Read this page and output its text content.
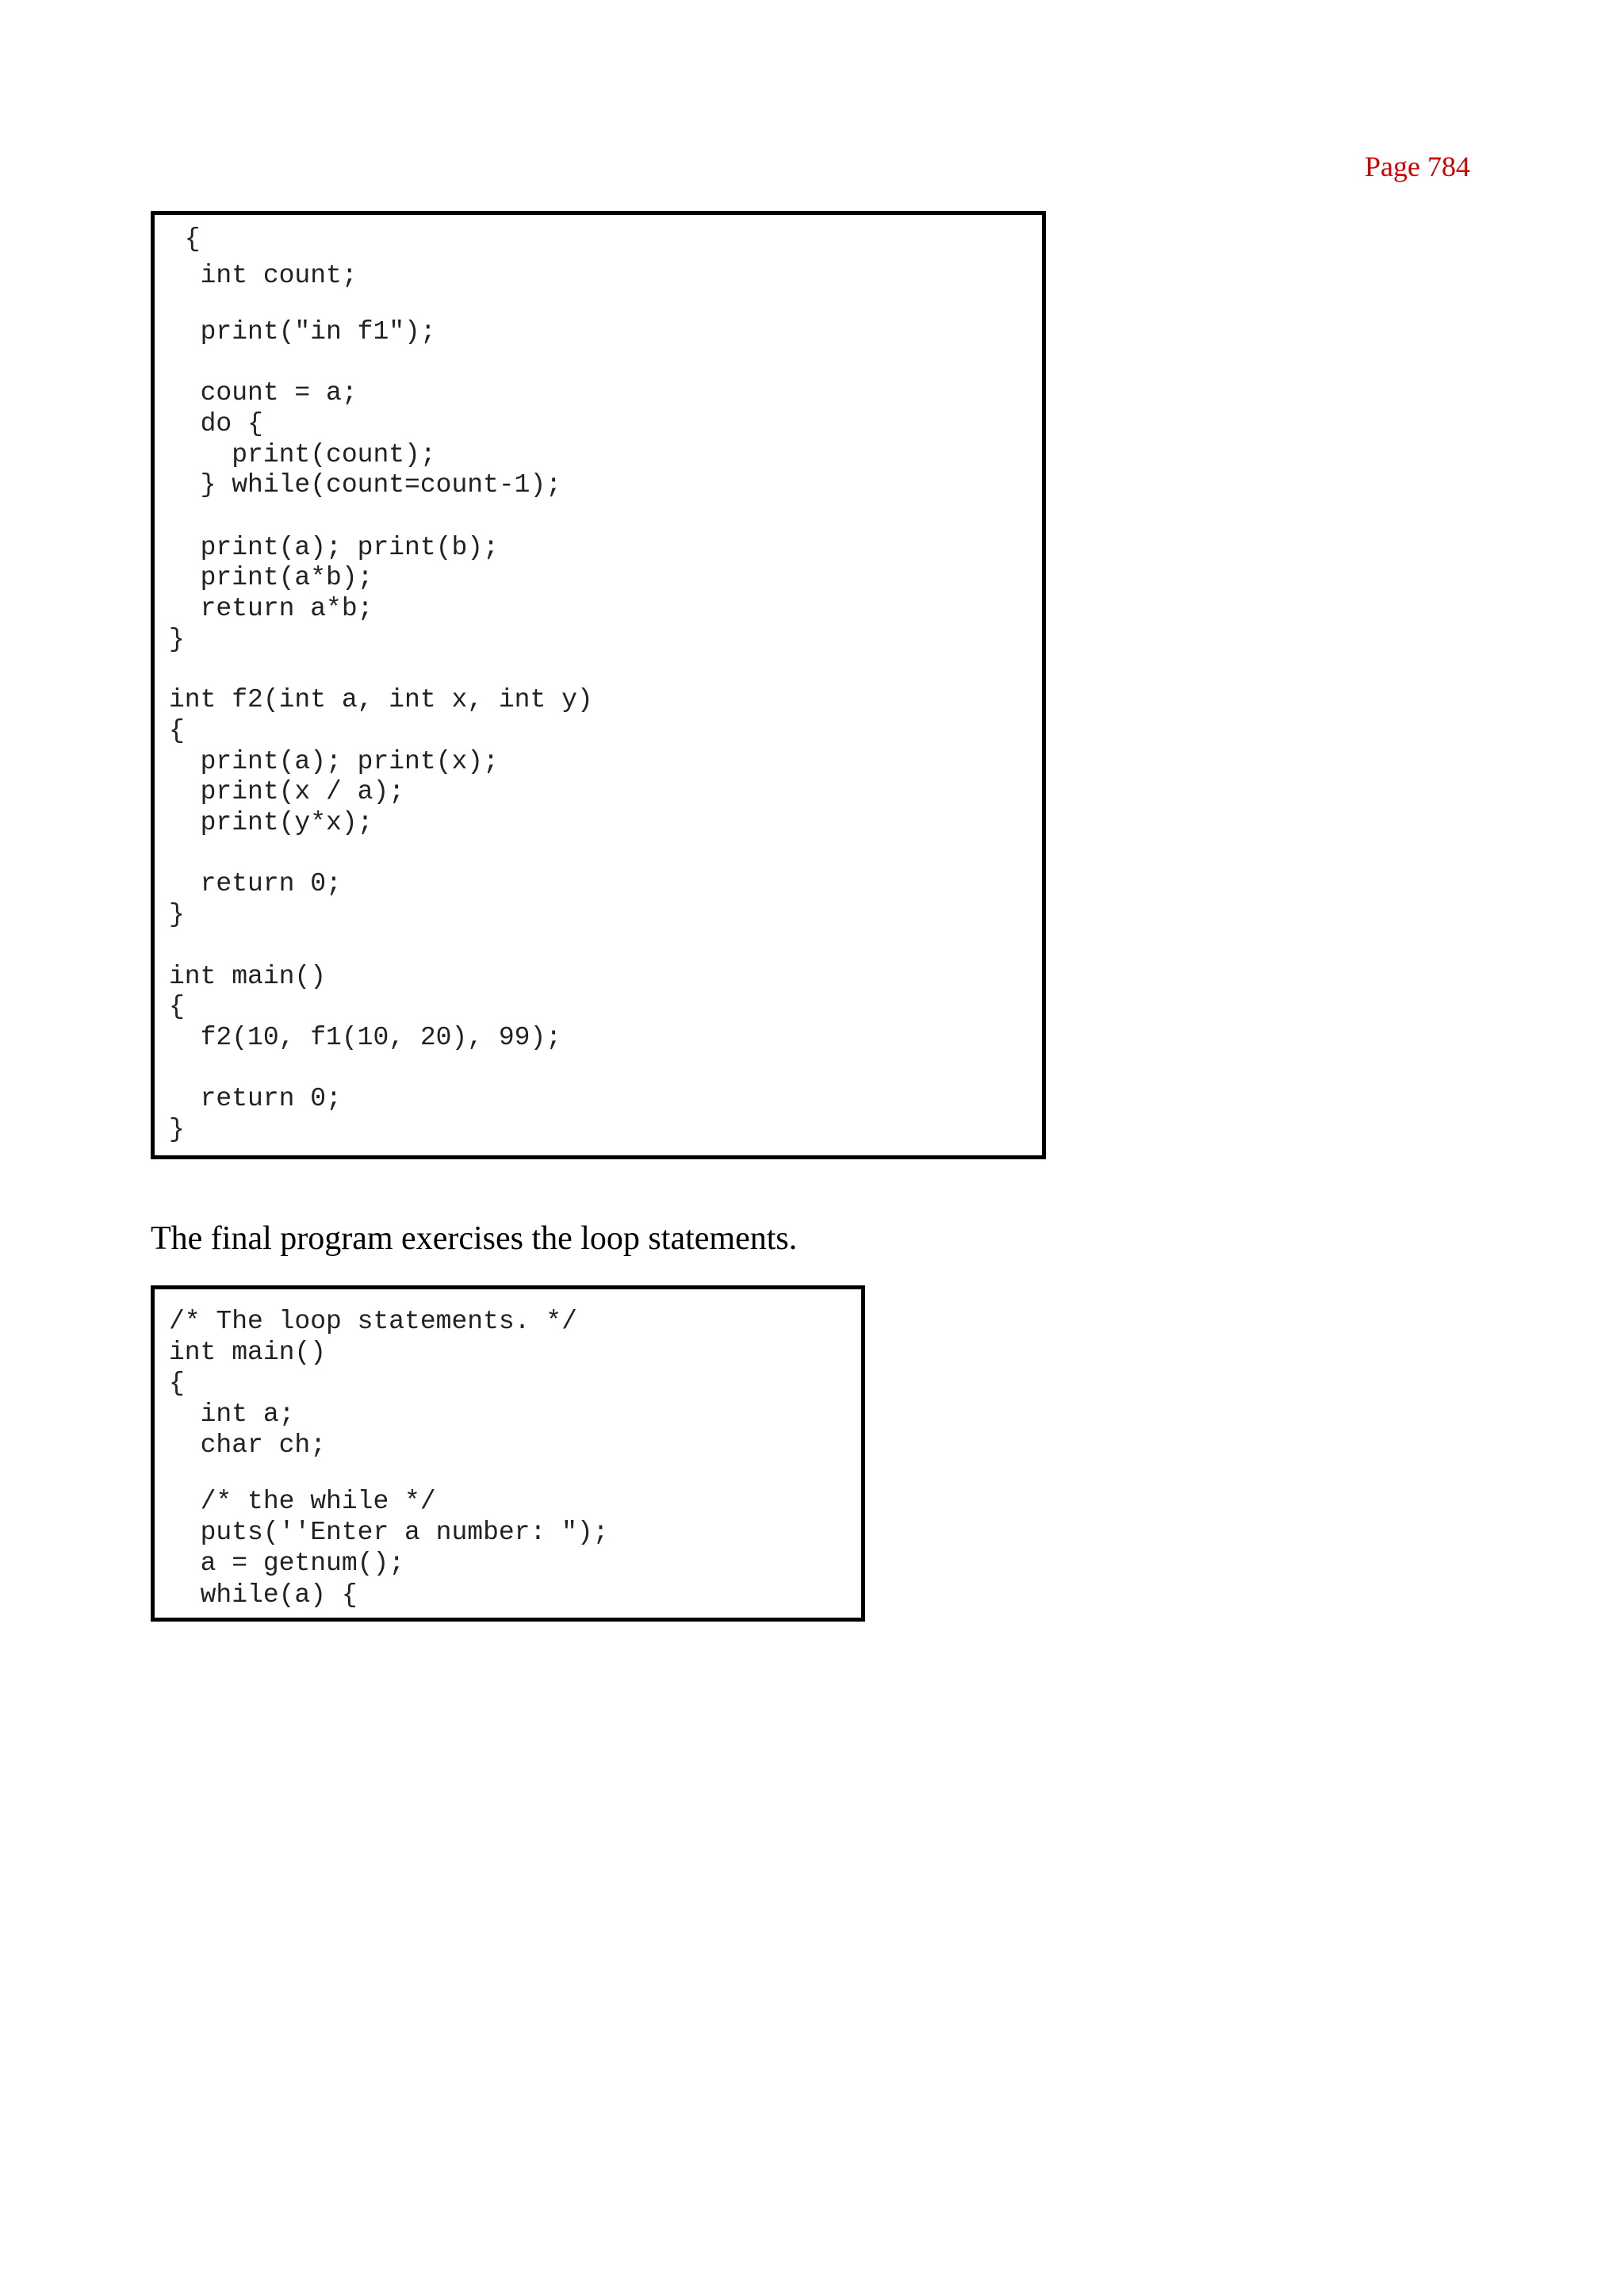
Page 784
{
int count;
print("in f1");
count = a;
do {
print(count);
} while(count=count-1);
print(a); print(b);
print(a*b);
return a*b;
}
int f2(int a, int x, int y)
{
print(a); print(x);
print(x / a);
print(y*x);
return 0;
}
int main()
{
f2(10, f1(10, 20), 99);
return 0;
}

The final program exercises the loop statements.

/* The loop statements. */
int main()
{
int a;
char ch;
/* the while */
puts(''Enter a number: ");
a = getnum();
while(a) {
